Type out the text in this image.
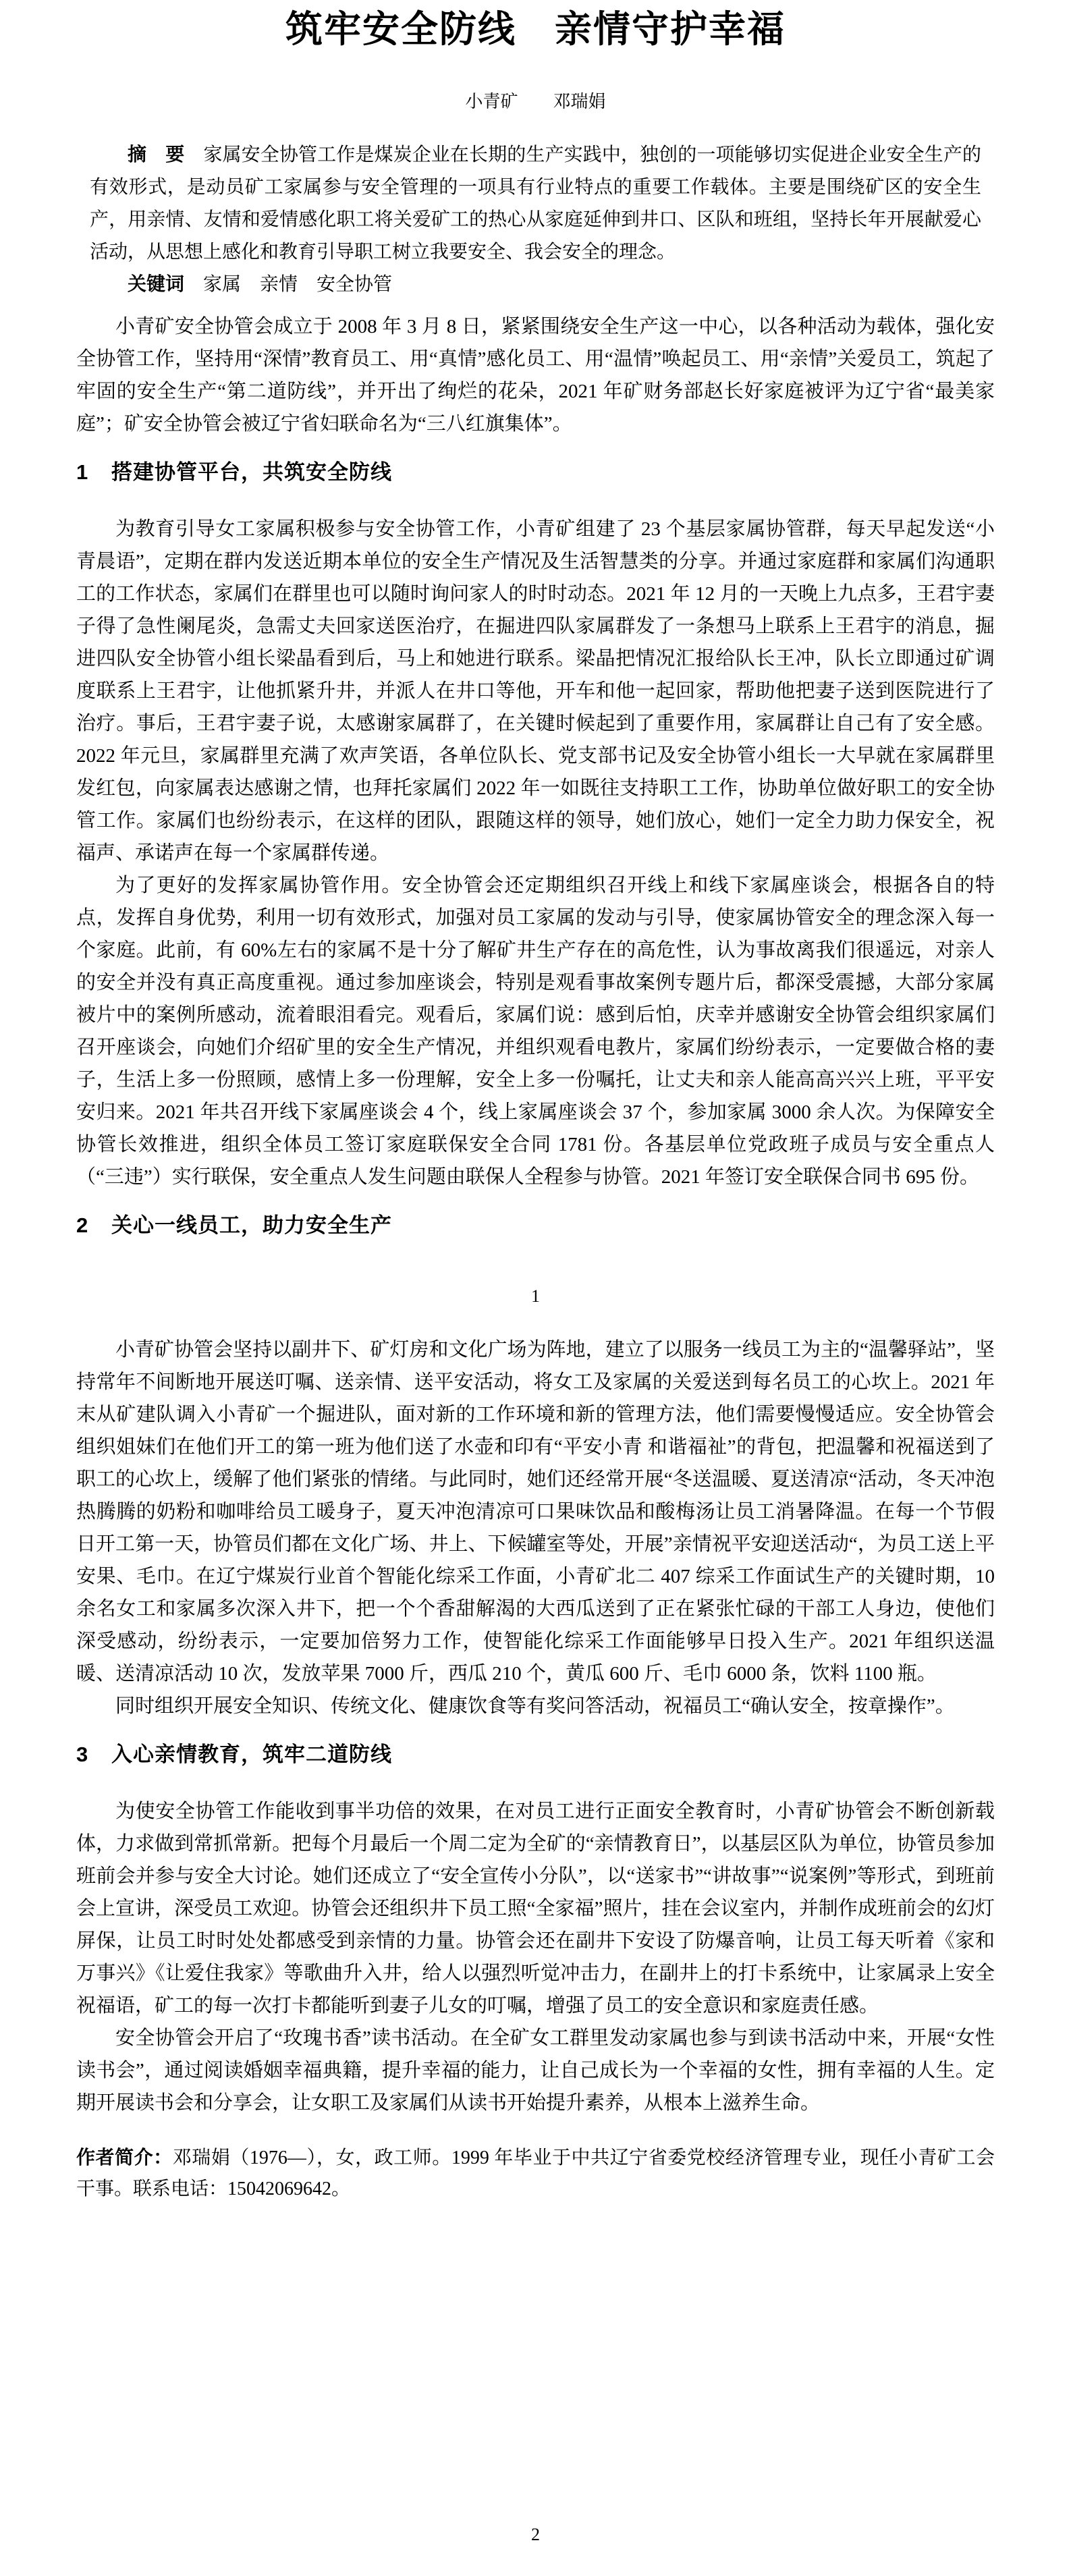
筑牢安全防线　亲情守护幸福
小青矿　　邓瑞娟

摘　要　家属安全协管工作是煤炭企业在长期的生产实践中，独创的一项能够切实促进企业安全生产的有效形式，是动员矿工家属参与安全管理的一项具有行业特点的重要工作载体。主要是围绕矿区的安全生产，用亲情、友情和爱情感化职工将关爱矿工的热心从家庭延伸到井口、区队和班组，坚持长年开展献爱心活动，从思想上感化和教育引导职工树立我要安全、我会安全的理念。

关键词　家属　亲情　安全协管

小青矿安全协管会成立于 2008 年 3 月 8 日，紧紧围绕安全生产这一中心，以各种活动为载体，强化安全协管工作，坚持用“深情”教育员工、用“真情”感化员工、用“温情”唤起员工、用“亲情”关爱员工，筑起了牢固的安全生产“第二道防线”，并开出了绚烂的花朵，2021 年矿财务部赵长好家庭被评为辽宁省“最美家庭”；矿安全协管会被辽宁省妇联命名为“三八红旗集体”。

1 搭建协管平台，共筑安全防线

为教育引导女工家属积极参与安全协管工作，小青矿组建了 23 个基层家属协管群，每天早起发送“小青晨语”，定期在群内发送近期本单位的安全生产情况及生活智慧类的分享。并通过家庭群和家属们沟通职工的工作状态，家属们在群里也可以随时询问家人的时时动态。2021 年 12 月的一天晚上九点多，王君宇妻子得了急性阑尾炎，急需丈夫回家送医治疗，在掘进四队家属群发了一条想马上联系上王君宇的消息，掘进四队安全协管小组长梁晶看到后，马上和她进行联系。梁晶把情况汇报给队长王冲，队长立即通过矿调度联系上王君宇，让他抓紧升井，并派人在井口等他，开车和他一起回家，帮助他把妻子送到医院进行了治疗。事后，王君宇妻子说，太感谢家属群了，在关键时候起到了重要作用，家属群让自己有了安全感。2022 年元旦，家属群里充满了欢声笑语，各单位队长、党支部书记及安全协管小组长一大早就在家属群里发红包，向家属表达感谢之情，也拜托家属们 2022 年一如既往支持职工工作，协助单位做好职工的安全协管工作。家属们也纷纷表示，在这样的团队，跟随这样的领导，她们放心，她们一定全力助力保安全，祝福声、承诺声在每一个家属群传递。

为了更好的发挥家属协管作用。安全协管会还定期组织召开线上和线下家属座谈会，根据各自的特点，发挥自身优势，利用一切有效形式，加强对员工家属的发动与引导，使家属协管安全的理念深入每一个家庭。此前，有 60%左右的家属不是十分了解矿井生产存在的高危性，认为事故离我们很遥远，对亲人的安全并没有真正高度重视。通过参加座谈会，特别是观看事故案例专题片后，都深受震撼，大部分家属被片中的案例所感动，流着眼泪看完。观看后，家属们说：感到后怕，庆幸并感谢安全协管会组织家属们召开座谈会，向她们介绍矿里的安全生产情况，并组织观看电教片，家属们纷纷表示，一定要做合格的妻子，生活上多一份照顾，感情上多一份理解，安全上多一份嘱托，让丈夫和亲人能高高兴兴上班，平平安安归来。2021 年共召开线下家属座谈会 4 个，线上家属座谈会 37 个，参加家属 3000 余人次。为保障安全协管长效推进，组织全体员工签订家庭联保安全合同 1781 份。各基层单位党政班子成员与安全重点人（“三违”）实行联保，安全重点人发生问题由联保人全程参与协管。2021 年签订安全联保合同书 695 份。

2 关心一线员工，助力安全生产
1

小青矿协管会坚持以副井下、矿灯房和文化广场为阵地，建立了以服务一线员工为主的“温馨驿站”，坚持常年不间断地开展送叮嘱、送亲情、送平安活动，将女工及家属的关爱送到每名员工的心坎上。2021 年末从矿建队调入小青矿一个掘进队，面对新的工作环境和新的管理方法，他们需要慢慢适应。安全协管会组织姐妹们在他们开工的第一班为他们送了水壶和印有“平安小青 和谐福祉”的背包，把温馨和祝福送到了职工的心坎上，缓解了他们紧张的情绪。与此同时，她们还经常开展“冬送温暖、夏送清凉“活动，冬天冲泡热腾腾的奶粉和咖啡给员工暖身子，夏天冲泡清凉可口果味饮品和酸梅汤让员工消暑降温。在每一个节假日开工第一天，协管员们都在文化广场、井上、下候罐室等处，开展”亲情祝平安迎送活动“，为员工送上平安果、毛巾。在辽宁煤炭行业首个智能化综采工作面，小青矿北二 407 综采工作面试生产的关键时期，10 余名女工和家属多次深入井下，把一个个香甜解渴的大西瓜送到了正在紧张忙碌的干部工人身边，使他们深受感动，纷纷表示，一定要加倍努力工作，使智能化综采工作面能够早日投入生产。2021 年组织送温暖、送清凉活动 10 次，发放苹果 7000 斤，西瓜 210 个，黄瓜 600 斤、毛巾 6000 条，饮料 1100 瓶。

同时组织开展安全知识、传统文化、健康饮食等有奖问答活动，祝福员工“确认安全，按章操作”。

3 入心亲情教育，筑牢二道防线

为使安全协管工作能收到事半功倍的效果，在对员工进行正面安全教育时，小青矿协管会不断创新载体，力求做到常抓常新。把每个月最后一个周二定为全矿的“亲情教育日”，以基层区队为单位，协管员参加班前会并参与安全大讨论。她们还成立了“安全宣传小分队”，以“送家书”“讲故事”“说案例”等形式，到班前会上宣讲，深受员工欢迎。协管会还组织井下员工照“全家福”照片，挂在会议室内，并制作成班前会的幻灯屏保，让员工时时处处都感受到亲情的力量。协管会还在副井下安设了防爆音响，让员工每天听着《家和万事兴》《让爱住我家》等歌曲升入井，给人以强烈听觉冲击力，在副井上的打卡系统中，让家属录上安全祝福语，矿工的每一次打卡都能听到妻子儿女的叮嘱，增强了员工的安全意识和家庭责任感。

安全协管会开启了“玫瑰书香”读书活动。在全矿女工群里发动家属也参与到读书活动中来，开展“女性读书会”，通过阅读婚姻幸福典籍，提升幸福的能力，让自己成长为一个幸福的女性，拥有幸福的人生。定期开展读书会和分享会，让女职工及家属们从读书开始提升素养，从根本上滋养生命。

作者简介：邓瑞娟（1976—），女，政工师。1999 年毕业于中共辽宁省委党校经济管理专业，现任小青矿工会干事。联系电话：15042069642。

2
